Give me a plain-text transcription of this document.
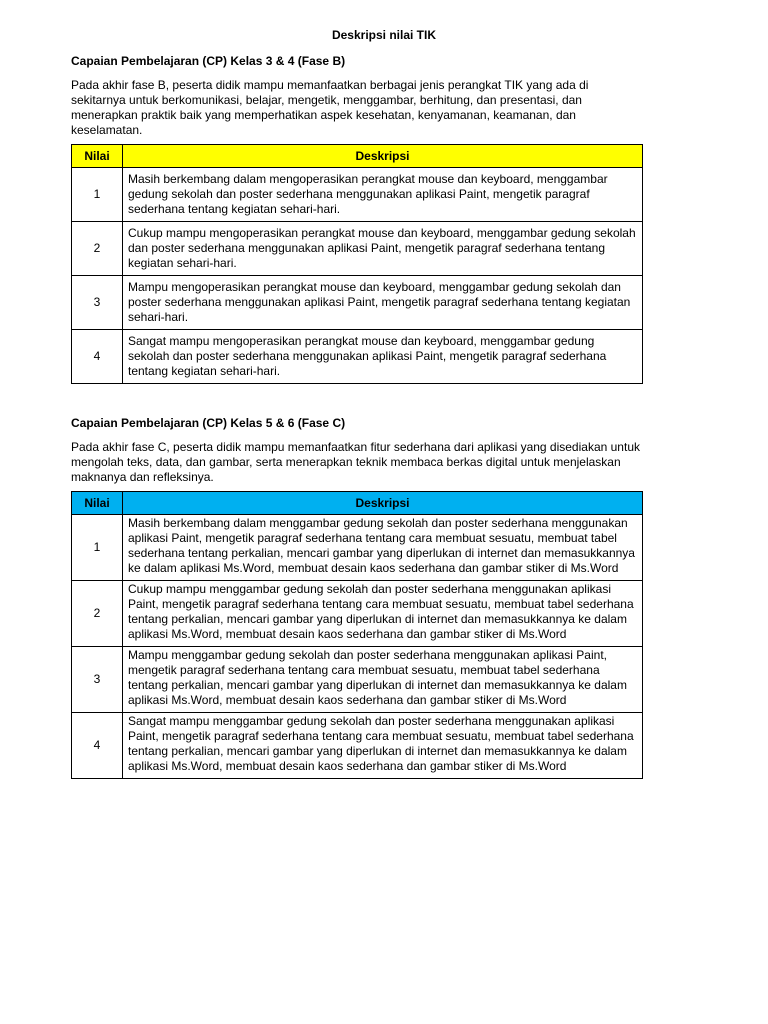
Deskripsi nilai TIK

Capaian Pembelajaran (CP) Kelas 3 & 4 (Fase B)

Pada akhir fase B, peserta didik mampu memanfaatkan berbagai jenis perangkat TIK yang ada di sekitarnya untuk berkomunikasi, belajar, mengetik, menggambar, berhitung, dan presentasi, dan menerapkan praktik baik yang memperhatikan aspek kesehatan, kenyamanan, keamanan, dan keselamatan.

Nilai	Deskripsi
1	Masih berkembang dalam mengoperasikan perangkat mouse dan keyboard, menggambar gedung sekolah dan poster sederhana menggunakan aplikasi Paint, mengetik paragraf sederhana tentang kegiatan sehari-hari.
2	Cukup mampu mengoperasikan perangkat mouse dan keyboard, menggambar gedung sekolah dan poster sederhana menggunakan aplikasi Paint, mengetik paragraf sederhana tentang kegiatan sehari-hari.
3	Mampu mengoperasikan perangkat mouse dan keyboard, menggambar gedung sekolah dan poster sederhana menggunakan aplikasi Paint, mengetik paragraf sederhana tentang kegiatan sehari-hari.
4	Sangat mampu mengoperasikan perangkat mouse dan keyboard, menggambar gedung sekolah dan poster sederhana menggunakan aplikasi Paint, mengetik paragraf sederhana tentang kegiatan sehari-hari.

Capaian Pembelajaran (CP) Kelas 5 & 6 (Fase C)

Pada akhir fase C, peserta didik mampu memanfaatkan fitur sederhana dari aplikasi yang disediakan untuk mengolah teks, data, dan gambar, serta menerapkan teknik membaca berkas digital untuk menjelaskan maknanya dan refleksinya.

Nilai	Deskripsi
1	Masih berkembang dalam menggambar gedung sekolah dan poster sederhana menggunakan aplikasi Paint, mengetik paragraf sederhana tentang cara membuat sesuatu, membuat tabel sederhana tentang perkalian, mencari gambar yang diperlukan di internet dan memasukkannya ke dalam aplikasi Ms.Word, membuat desain kaos sederhana dan gambar stiker di Ms.Word
2	Cukup mampu menggambar gedung sekolah dan poster sederhana menggunakan aplikasi Paint, mengetik paragraf sederhana tentang cara membuat sesuatu, membuat tabel sederhana tentang perkalian, mencari gambar yang diperlukan di internet dan memasukkannya ke dalam aplikasi Ms.Word, membuat desain kaos sederhana dan gambar stiker di Ms.Word
3	Mampu menggambar gedung sekolah dan poster sederhana menggunakan aplikasi Paint, mengetik paragraf sederhana tentang cara membuat sesuatu, membuat tabel sederhana tentang perkalian, mencari gambar yang diperlukan di internet dan memasukkannya ke dalam aplikasi Ms.Word, membuat desain kaos sederhana dan gambar stiker di Ms.Word
4	Sangat mampu menggambar gedung sekolah dan poster sederhana menggunakan aplikasi Paint, mengetik paragraf sederhana tentang cara membuat sesuatu, membuat tabel sederhana tentang perkalian, mencari gambar yang diperlukan di internet dan memasukkannya ke dalam aplikasi Ms.Word, membuat desain kaos sederhana dan gambar stiker di Ms.Word
